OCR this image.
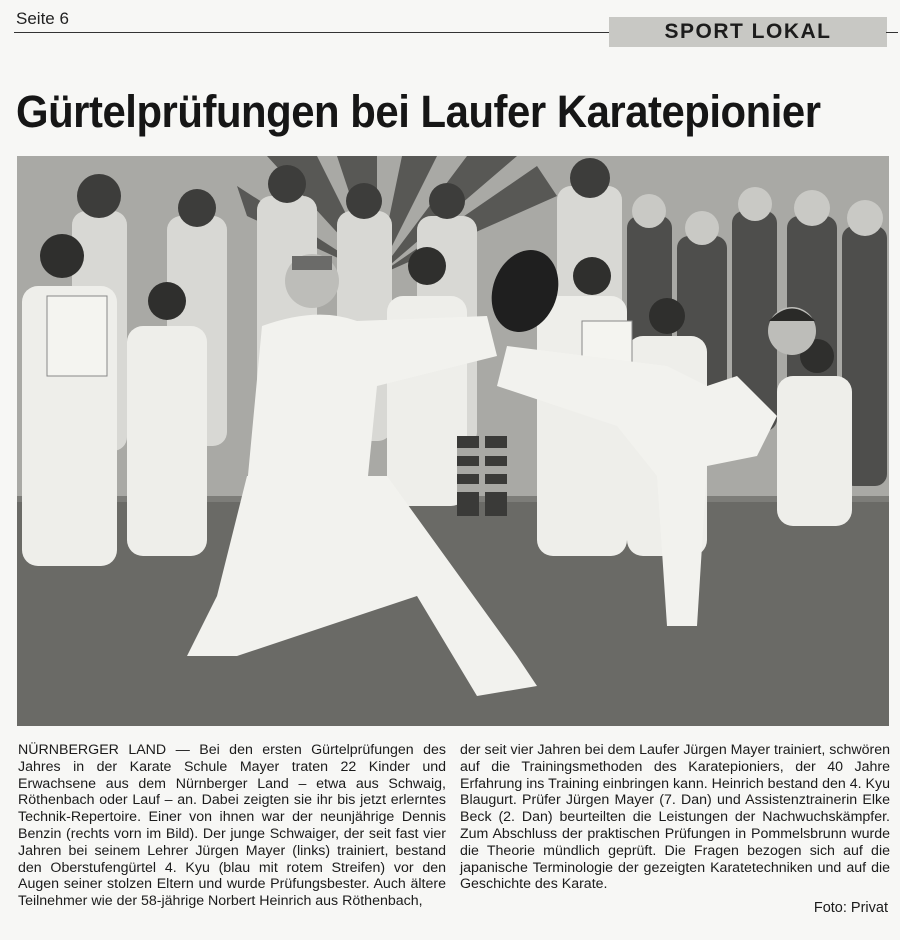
Seite 6
SPORT LOKAL
Gürtelprüfungen bei Laufer Karatepionier
NÜRNBERGER LAND — Bei den ersten Gürtelprüfungen des Jahres in der Karate Schule Mayer traten 22 Kinder und Erwachsene aus dem Nürnberger Land – etwa aus Schwaig, Röthenbach oder Lauf – an. Dabei zeigten sie ihr bis jetzt erlerntes Technik-Repertoire. Einer von ihnen war der neunjährige Dennis Benzin (rechts vorn im Bild). Der junge Schwaiger, der seit fast vier Jahren bei seinem Lehrer Jürgen Mayer (links) trainiert, bestand den Oberstufengürtel 4. Kyu (blau mit rotem Streifen) vor den Augen seiner stolzen Eltern und wurde Prüfungsbester. Auch ältere Teilnehmer wie der 58-jährige Norbert Heinrich aus Röthenbach,
der seit vier Jahren bei dem Laufer Jürgen Mayer trainiert, schwören auf die Trainingsmethoden des Karatepioniers, der 40 Jahre Erfahrung ins Training einbringen kann. Heinrich bestand den 4. Kyu Blaugurt. Prüfer Jürgen Mayer (7. Dan) und Assistenztrainerin Elke Beck (2. Dan) beurteilten die Leistungen der Nachwuchskämpfer. Zum Abschluss der praktischen Prüfungen in Pommelsbrunn wurde die Theorie mündlich geprüft. Die Fragen bezogen sich auf die japanische Terminologie der gezeigten Karatetechniken und auf die Geschichte des Karate.
Foto: Privat
